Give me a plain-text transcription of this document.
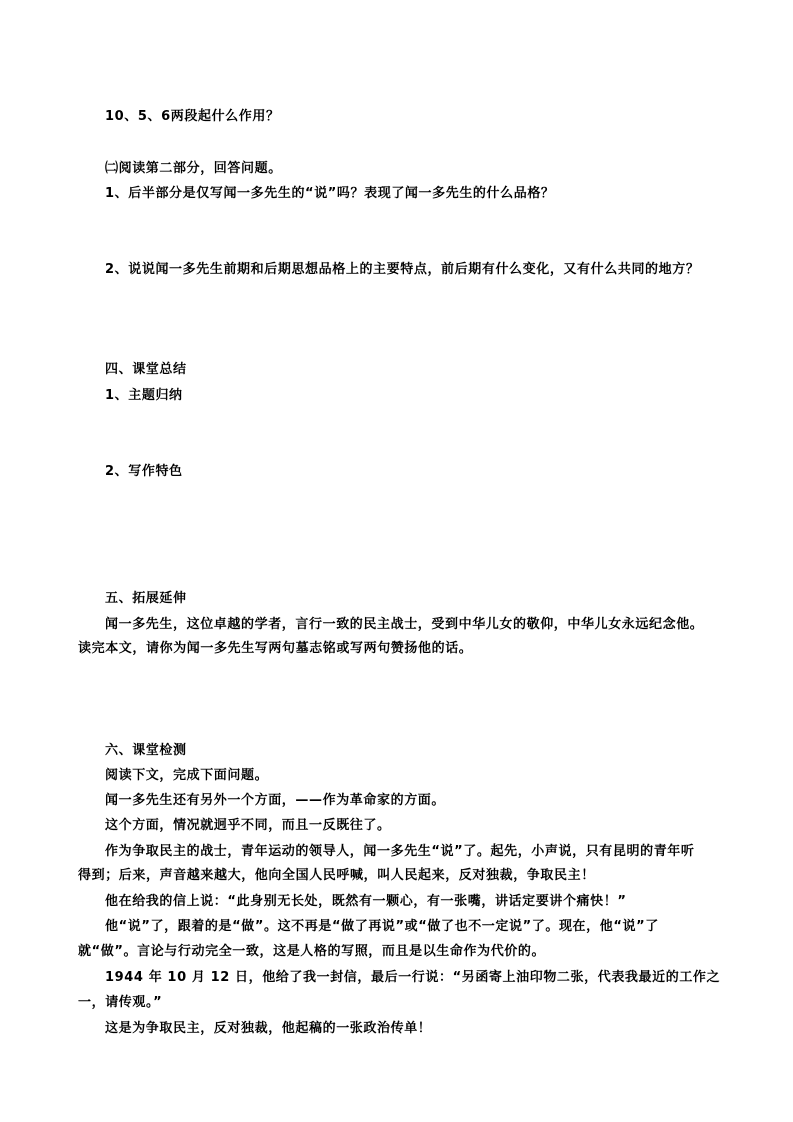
10、5、6两段起什么作用？
㈡阅读第二部分，回答问题。
1、后半部分是仅写闻一多先生的“说”吗？表现了闻一多先生的什么品格？
2、说说闻一多先生前期和后期思想品格上的主要特点，前后期有什么变化，又有什么共同的地方？
四、课堂总结
1、主题归纳
2、写作特色
五、拓展延伸
闻一多先生，这位卓越的学者，言行一致的民主战士，受到中华儿女的敬仰，中华儿女永远纪念他。
读完本文，请你为闻一多先生写两句墓志铭或写两句赞扬他的话。
六、课堂检测
阅读下文，完成下面问题。
闻一多先生还有另外一个方面，——作为革命家的方面。
这个方面，情况就迥乎不同，而且一反既往了。
作为争取民主的战士，青年运动的领导人，闻一多先生“说”了。起先，小声说，只有昆明的青年听
得到；后来，声音越来越大，他向全国人民呼喊，叫人民起来，反对独裁，争取民主！
他在给我的信上说：“此身别无长处，既然有一颗心，有一张嘴，讲话定要讲个痛快！”
他“说”了，跟着的是“做”。这不再是“做了再说”或“做了也不一定说”了。现在，他“说”了
就“做”。言论与行动完全一致，这是人格的写照，而且是以生命作为代价的。
1944 年 10 月 12 日，他给了我一封信，最后一行说：“另函寄上油印物二张，代表我最近的工作之
一，请传观。”
这是为争取民主，反对独裁，他起稿的一张政治传单！
